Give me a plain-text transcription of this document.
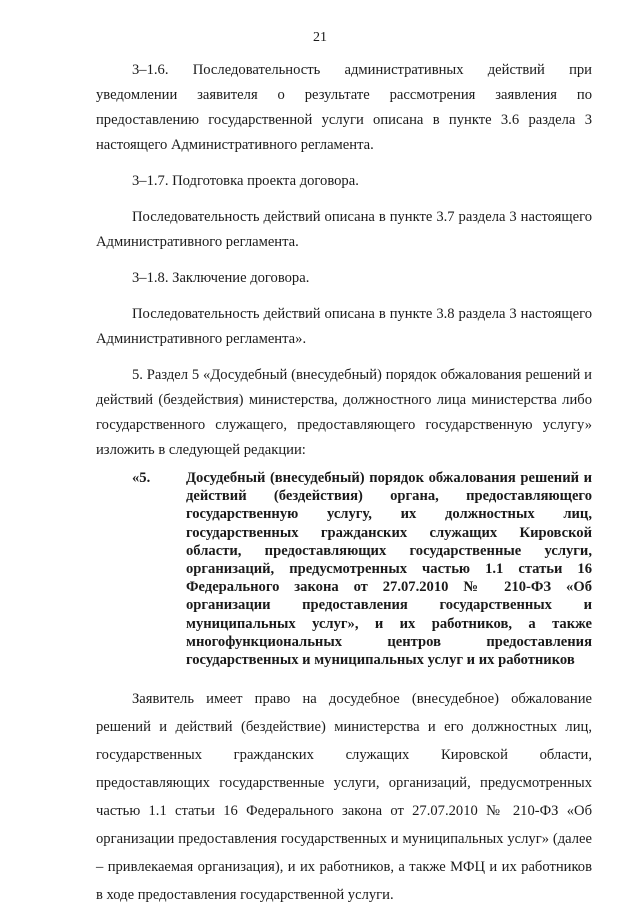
21

3–1.6. Последовательность административных действий при уведомлении заявителя о результате рассмотрения заявления по предоставлению государственной услуги описана в пункте 3.6 раздела 3 настоящего Административного регламента.

3–1.7. Подготовка проекта договора.

Последовательность действий описана в пункте 3.7 раздела 3 настоящего Административного регламента.

3–1.8. Заключение договора.

Последовательность действий описана в пункте 3.8 раздела 3 настоящего Административного регламента».

5. Раздел 5 «Досудебный (внесудебный) порядок обжалования решений и действий (бездействия) министерства, должностного лица министерства либо государственного служащего, предоставляющего государственную услугу» изложить в следующей редакции:

«5.	Досудебный (внесудебный) порядок обжалования решений и действий (бездействия) органа, предоставляющего государственную услугу, их должностных лиц, государственных гражданских служащих Кировской области, предоставляющих государственные услуги, организаций, предусмотренных частью 1.1 статьи 16 Федерального закона от 27.07.2010 № 210-ФЗ «Об организации предоставления государственных и муниципальных услуг», и их работников, а также многофункциональных центров предоставления государственных и муниципальных услуг и их работников

Заявитель имеет право на досудебное (внесудебное) обжалование решений и действий (бездействие) министерства и его должностных лиц, государственных гражданских служащих Кировской области, предоставляющих государственные услуги, организаций, предусмотренных частью 1.1 статьи 16 Федерального закона от 27.07.2010 № 210-ФЗ «Об организации предоставления государственных и муниципальных услуг» (далее – привлекаемая организация), и их работников, а также МФЦ и их работников в ходе предоставления государственной услуги.
